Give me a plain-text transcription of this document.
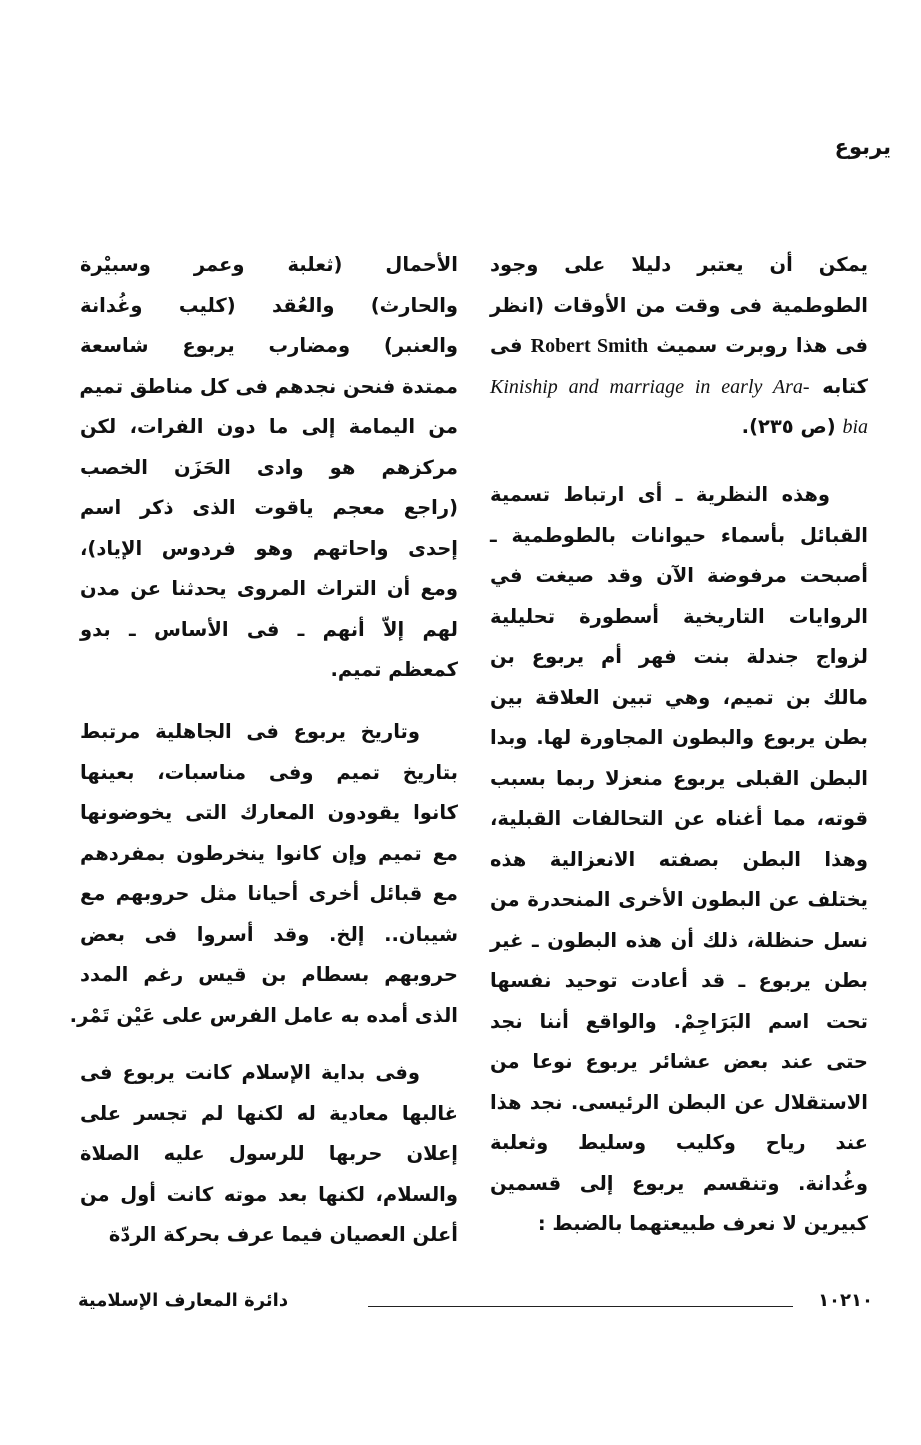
يربوع
يمكن أن يعتبر دليلا على وجود
الطوطمية فى وقت من الأوقات (انظر
فى هذا روبرت سميث Robert Smith فى
كتابه Kiniship and marriage in early Ara-
bia (ص ٢٣٥).
وهذه النظرية ـ أى ارتباط تسمية
القبائل بأسماء حيوانات بالطوطمية ـ
أصبحت مرفوضة الآن وقد صيغت في
الروايات التاريخية أسطورة تحليلية
لزواج جندلة بنت فهر أم يربوع بن
مالك بن تميم، وهي تبين العلاقة بين
بطن يربوع والبطون المجاورة لها. وبدا
البطن القبلى يربوع منعزلا ربما بسبب
قوته، مما أغناه عن التحالفات القبلية،
وهذا البطن بصفته الانعزالية هذه
يختلف عن البطون الأخرى المنحدرة من
نسل حنظلة، ذلك أن هذه البطون ـ غير
بطن يربوع ـ قد أعادت توحيد نفسها
تحت اسم البَرَاجِمْ. والواقع أننا نجد
حتى عند بعض عشائر يربوع نوعا من
الاستقلال عن البطن الرئيسى. نجد هذا
عند رياح وكليب وسليط وثعلبة
وغُدانة. وتنقسم يربوع إلى قسمين
كبيرين لا نعرف طبيعتهما بالضبط :
الأحمال (ثعلبة وعمر وسبيْرة
والحارث) والعُقد (كليب وغُدانة
والعنبر) ومضارب يربوع شاسعة
ممتدة فنحن نجدهم فى كل مناطق تميم
من اليمامة إلى ما دون الفرات، لكن
مركزهم هو وادى الحَزَن الخصب
(راجع معجم ياقوت الذى ذكر اسم
إحدى واحاتهم وهو فردوس الإياد)،
ومع أن التراث المروى يحدثنا عن مدن
لهم إلاّ أنهم ـ فى الأساس ـ بدو
كمعظم تميم.
وتاريخ يربوع فى الجاهلية مرتبط
بتاريخ تميم وفى مناسبات، بعينها
كانوا يقودون المعارك التى يخوضونها
مع تميم وإن كانوا ينخرطون بمفردهم
مع قبائل أخرى أحيانا مثل حروبهم مع
شيبان.. إلخ. وقد أسروا فى بعض
حروبهم بسطام بن قيس رغم المدد
الذى أمده به عامل الفرس على عَيْن تَمْر.
وفى بداية الإسلام كانت يربوع فى
غالبها معادية له لكنها لم تجسر على
إعلان حربها للرسول عليه الصلاة
والسلام، لكنها بعد موته كانت أول من
أعلن العصيان فيما عرف بحركة الردّة
دائرة المعارف الإسلامية	١٠٢١٠
